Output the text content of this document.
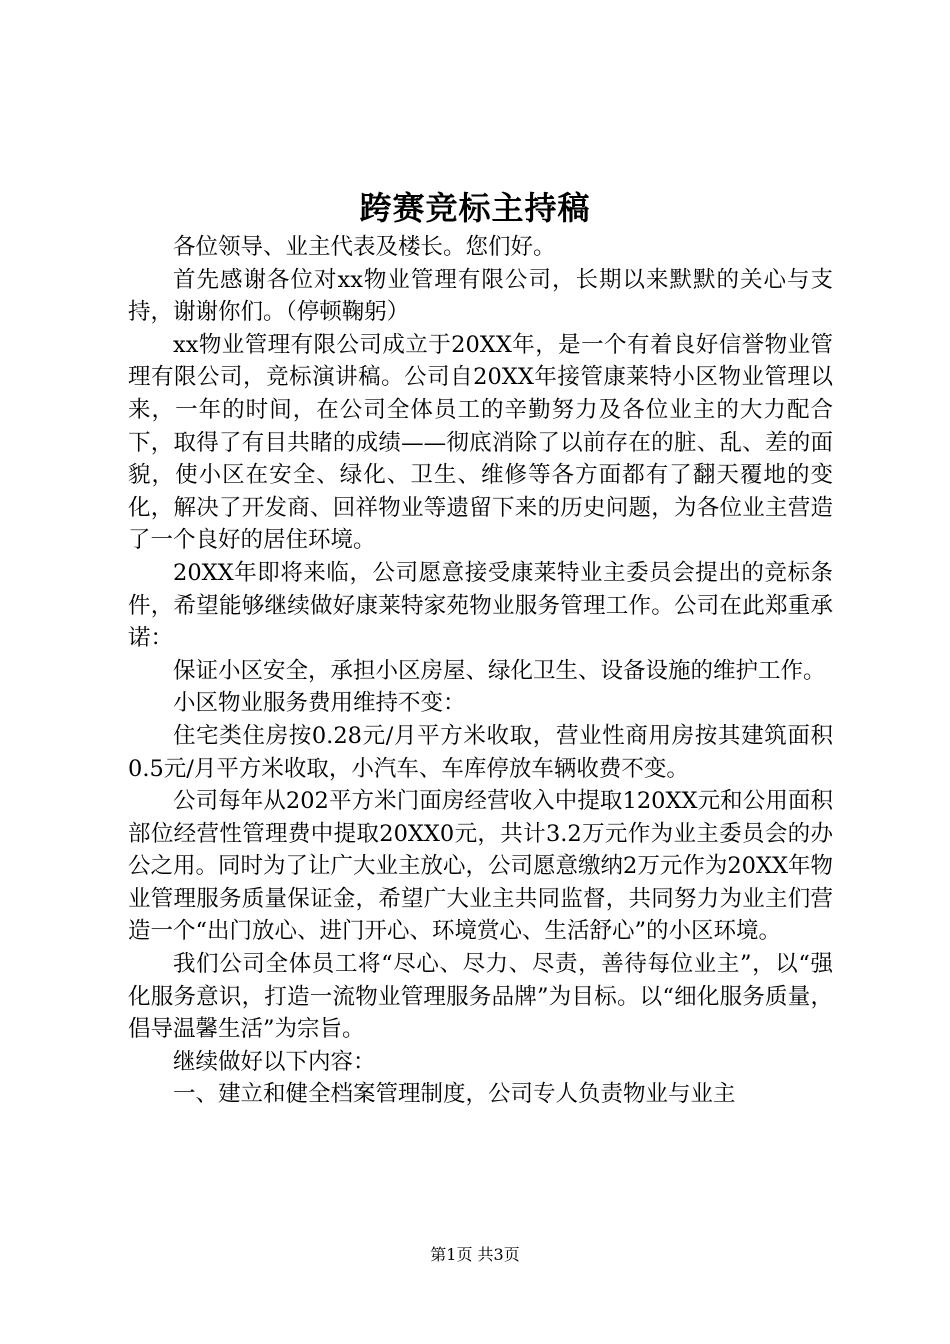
跨赛竞标主持稿

各位领导、业主代表及楼长。您们好。

首先感谢各位对xx物业管理有限公司，长期以来默默的关心与支持，谢谢你们。（停顿鞠躬）

xx物业管理有限公司成立于20XX年，是一个有着良好信誉物业管理有限公司，竞标演讲稿。公司自20XX年接管康莱特小区物业管理以来，一年的时间，在公司全体员工的辛勤努力及各位业主的大力配合下，取得了有目共睹的成绩——彻底消除了以前存在的脏、乱、差的面貌，使小区在安全、绿化、卫生、维修等各方面都有了翻天覆地的变化，解决了开发商、回祥物业等遗留下来的历史问题，为各位业主营造了一个良好的居住环境。

20XX年即将来临，公司愿意接受康莱特业主委员会提出的竞标条件，希望能够继续做好康莱特家苑物业服务管理工作。公司在此郑重承诺：

保证小区安全，承担小区房屋、绿化卫生、设备设施的维护工作。

小区物业服务费用维持不变：

住宅类住房按0.28元/月平方米收取，营业性商用房按其建筑面积0.5元/月平方米收取，小汽车、车库停放车辆收费不变。

公司每年从202平方米门面房经营收入中提取120XX元和公用面积部位经营性管理费中提取20XX0元，共计3.2万元作为业主委员会的办公之用。同时为了让广大业主放心，公司愿意缴纳2万元作为20XX年物业管理服务质量保证金，希望广大业主共同监督，共同努力为业主们营造一个“出门放心、进门开心、环境赏心、生活舒心”的小区环境。

我们公司全体员工将“尽心、尽力、尽责，善待每位业主”，以“强化服务意识，打造一流物业管理服务品牌”为目标。以“细化服务质量，倡导温馨生活”为宗旨。

继续做好以下内容：

一、建立和健全档案管理制度，公司专人负责物业与业主

第1页 共3页
